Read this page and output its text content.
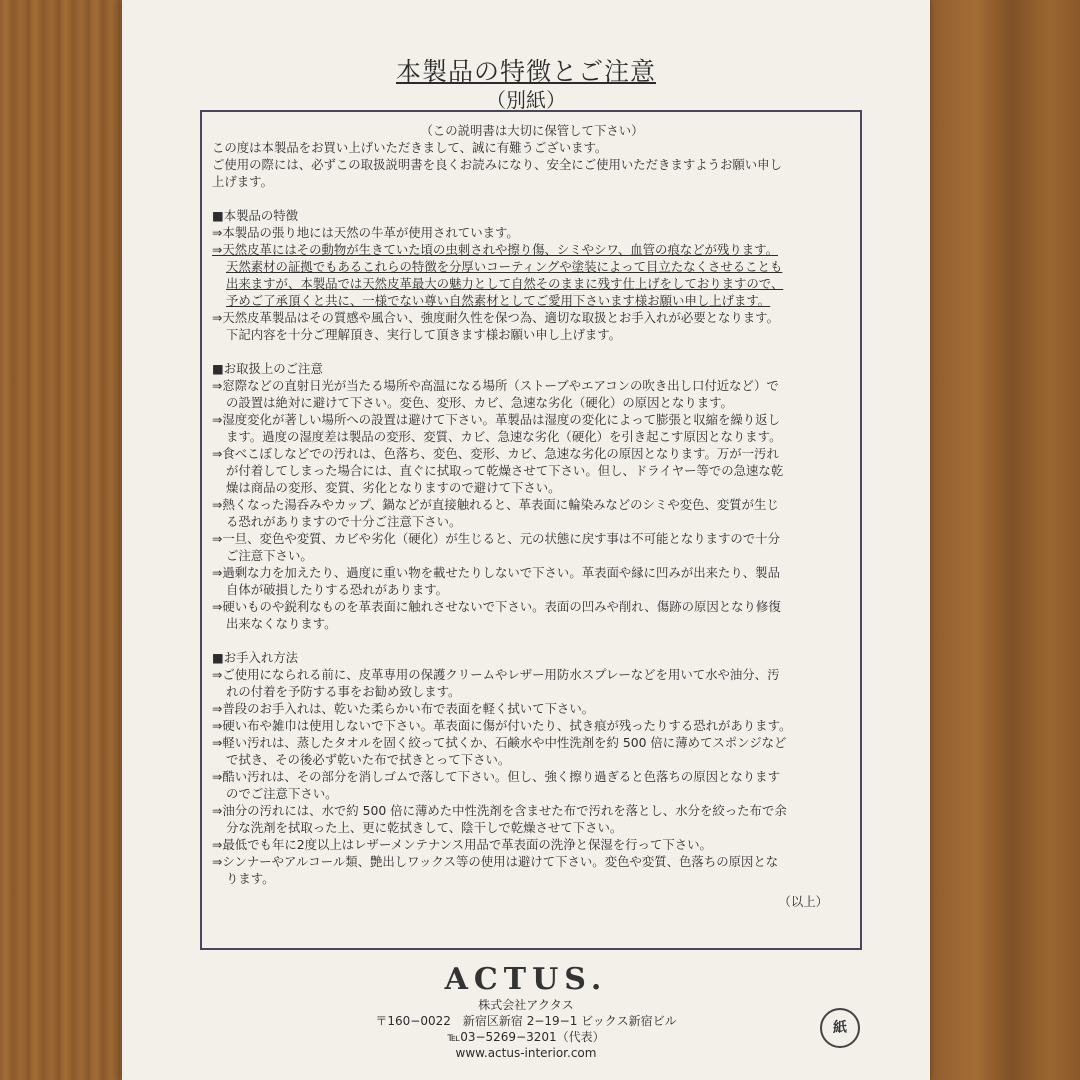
本製品の特徴とご注意
（別紙）

（この説明書は大切に保管して下さい）

この度は本製品をお買い上げいただきまして、誠に有難うございます。

ご使用の際には、必ずこの取扱説明書を良くお読みになり、安全にご使用いただきますようお願い申し

上げます。

■本製品の特徴

⇒本製品の張り地には天然の牛革が使用されています。

⇒天然皮革にはその動物が生きていた頃の虫刺されや擦り傷、シミやシワ、血管の痕などが残ります。

天然素材の証拠でもあるこれらの特徴を分厚いコーティングや塗装によって目立たなくさせることも

出来ますが、本製品では天然皮革最大の魅力として自然そのままに残す仕上げをしておりますので、

予めご了承頂くと共に、一様でない尊い自然素材としてご愛用下さいます様お願い申し上げます。

⇒天然皮革製品はその質感や風合い、強度耐久性を保つ為、適切な取扱とお手入れが必要となります。

下記内容を十分ご理解頂き、実行して頂きます様お願い申し上げます。

■お取扱上のご注意

⇒窓際などの直射日光が当たる場所や高温になる場所（ストーブやエアコンの吹き出し口付近など）で

の設置は絶対に避けて下さい。変色、変形、カビ、急速な劣化（硬化）の原因となります。

⇒湿度変化が著しい場所への設置は避けて下さい。革製品は湿度の変化によって膨張と収縮を繰り返し

ます。過度の湿度差は製品の変形、変質、カビ、急速な劣化（硬化）を引き起こす原因となります。

⇒食べこぼしなどでの汚れは、色落ち、変色、変形、カビ、急速な劣化の原因となります。万が一汚れ

が付着してしまった場合には、直ぐに拭取って乾燥させて下さい。但し、ドライヤー等での急速な乾

燥は商品の変形、変質、劣化となりますので避けて下さい。

⇒熱くなった湯呑みやカップ、鍋などが直接触れると、革表面に輪染みなどのシミや変色、変質が生じ

る恐れがありますので十分ご注意下さい。

⇒一旦、変色や変質、カビや劣化（硬化）が生じると、元の状態に戻す事は不可能となりますので十分

ご注意下さい。

⇒過剰な力を加えたり、過度に重い物を載せたりしないで下さい。革表面や縁に凹みが出来たり、製品

自体が破損したりする恐れがあります。

⇒硬いものや鋭利なものを革表面に触れさせないで下さい。表面の凹みや削れ、傷跡の原因となり修復

出来なくなります。

■お手入れ方法

⇒ご使用になられる前に、皮革専用の保護クリームやレザー用防水スプレーなどを用いて水や油分、汚

れの付着を予防する事をお勧め致します。

⇒普段のお手入れは、乾いた柔らかい布で表面を軽く拭いて下さい。

⇒硬い布や雑巾は使用しないで下さい。革表面に傷が付いたり、拭き痕が残ったりする恐れがあります。

⇒軽い汚れは、蒸したタオルを固く絞って拭くか、石鹸水や中性洗剤を約 500 倍に薄めてスポンジなど

で拭き、その後必ず乾いた布で拭きとって下さい。

⇒酷い汚れは、その部分を消しゴムで落して下さい。但し、強く擦り過ぎると色落ちの原因となります

のでご注意下さい。

⇒油分の汚れには、水で約 500 倍に薄めた中性洗剤を含ませた布で汚れを落とし、水分を絞った布で余

分な洗剤を拭取った上、更に乾拭きして、陰干しで乾燥させて下さい。

⇒最低でも年に2度以上はレザーメンテナンス用品で革表面の洗浄と保湿を行って下さい。

⇒シンナーやアルコール類、艶出しワックス等の使用は避けて下さい。変色や変質、色落ちの原因とな

ります。

（以上）

ACTUS.
株式会社アクタス
〒160−0022　新宿区新宿 2−19−1 ビックス新宿ビル
℡03−5269−3201（代表）
www.actus-interior.com
紙
